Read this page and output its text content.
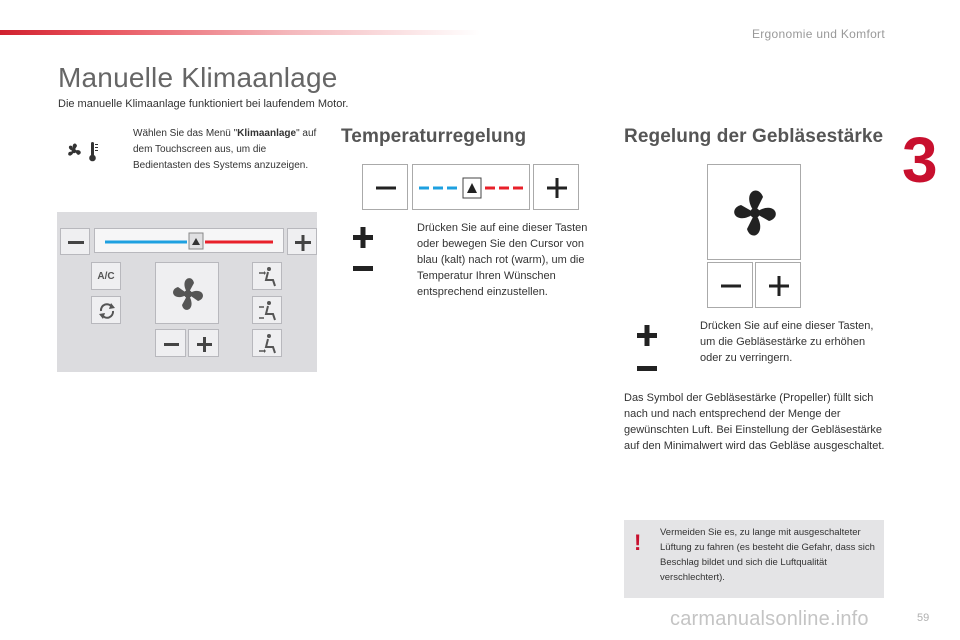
Ergonomie und Komfort
3
Manuelle Klimaanlage

Die manuelle Klimaanlage funktioniert bei laufendem Motor.

Wählen Sie das Menü "Klimaanlage" auf dem Touchscreen aus, um die Bedientasten des Systems anzuzeigen.
A/C
Temperaturregelung
Drücken Sie auf eine dieser Tasten oder bewegen Sie den Cursor von blau (kalt) nach rot (warm), um die Temperatur Ihren Wünschen entsprechend einzustellen.
Regelung der Gebläsestärke
Drücken Sie auf eine dieser Tasten, um die Gebläsestärke zu erhöhen oder zu verringern.
Das Symbol der Gebläsestärke (Propeller) füllt sich nach und nach entsprechend der Menge der gewünschten Luft. Bei Einstellung der Gebläsestärke auf den Minimalwert wird das Gebläse ausgeschaltet.
! Vermeiden Sie es, zu lange mit ausgeschalteter Lüftung zu fahren (es besteht die Gefahr, dass sich Beschlag bildet und sich die Luftqualität verschlechtert).
carmanualsonline.info	59
